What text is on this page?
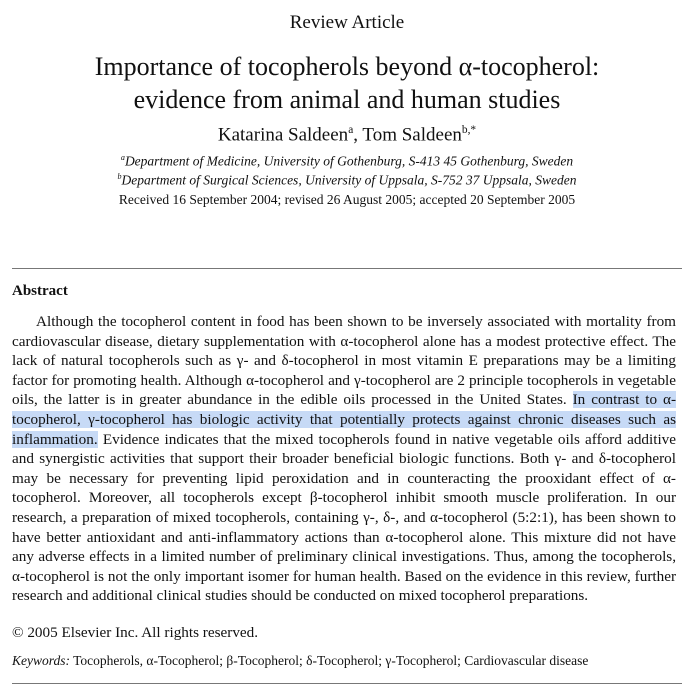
Review Article
Importance of tocopherols beyond α-tocopherol:
evidence from animal and human studies
Katarina Saldeen$^a$, Tom Saldeen$^{b,*}$
$^a$Department of Medicine, University of Gothenburg, S-413 45 Gothenburg, Sweden
$^b$Department of Surgical Sciences, University of Uppsala, S-752 37 Uppsala, Sweden
Received 16 September 2004; revised 26 August 2005; accepted 20 September 2005
Abstract

Although the tocopherol content in food has been shown to be inversely associated with mortality from cardiovascular disease, dietary supplementation with α-tocopherol alone has a modest protective effect. The lack of natural tocopherols such as γ- and δ-tocopherol in most vitamin E preparations may be a limiting factor for promoting health. Although α-tocopherol and γ-tocopherol are 2 principle tocopherols in vegetable oils, the latter is in greater abundance in the edible oils processed in the United States. In contrast to α-tocopherol, γ-tocopherol has biologic activity that potentially protects against chronic diseases such as inflammation. Evidence indicates that the mixed tocopherols found in native vegetable oils afford additive and synergistic activities that support their broader beneficial biologic functions. Both γ- and δ-tocopherol may be necessary for preventing lipid peroxidation and in counteracting the prooxidant effect of α-tocopherol. Moreover, all tocopherols except β-tocopherol inhibit smooth muscle proliferation. In our research, a preparation of mixed tocopherols, containing γ-, δ-, and α-tocopherol (5:2:1), has been shown to have better antioxidant and anti-inflammatory actions than α-tocopherol alone. This mixture did not have any adverse effects in a limited number of preliminary clinical investigations. Thus, among the tocopherols, α-tocopherol is not the only important isomer for human health. Based on the evidence in this review, further research and additional clinical studies should be conducted on mixed tocopherol preparations.

© 2005 Elsevier Inc. All rights reserved.
Keywords: Tocopherols, α-Tocopherol; β-Tocopherol; δ-Tocopherol; γ-Tocopherol; Cardiovascular disease
